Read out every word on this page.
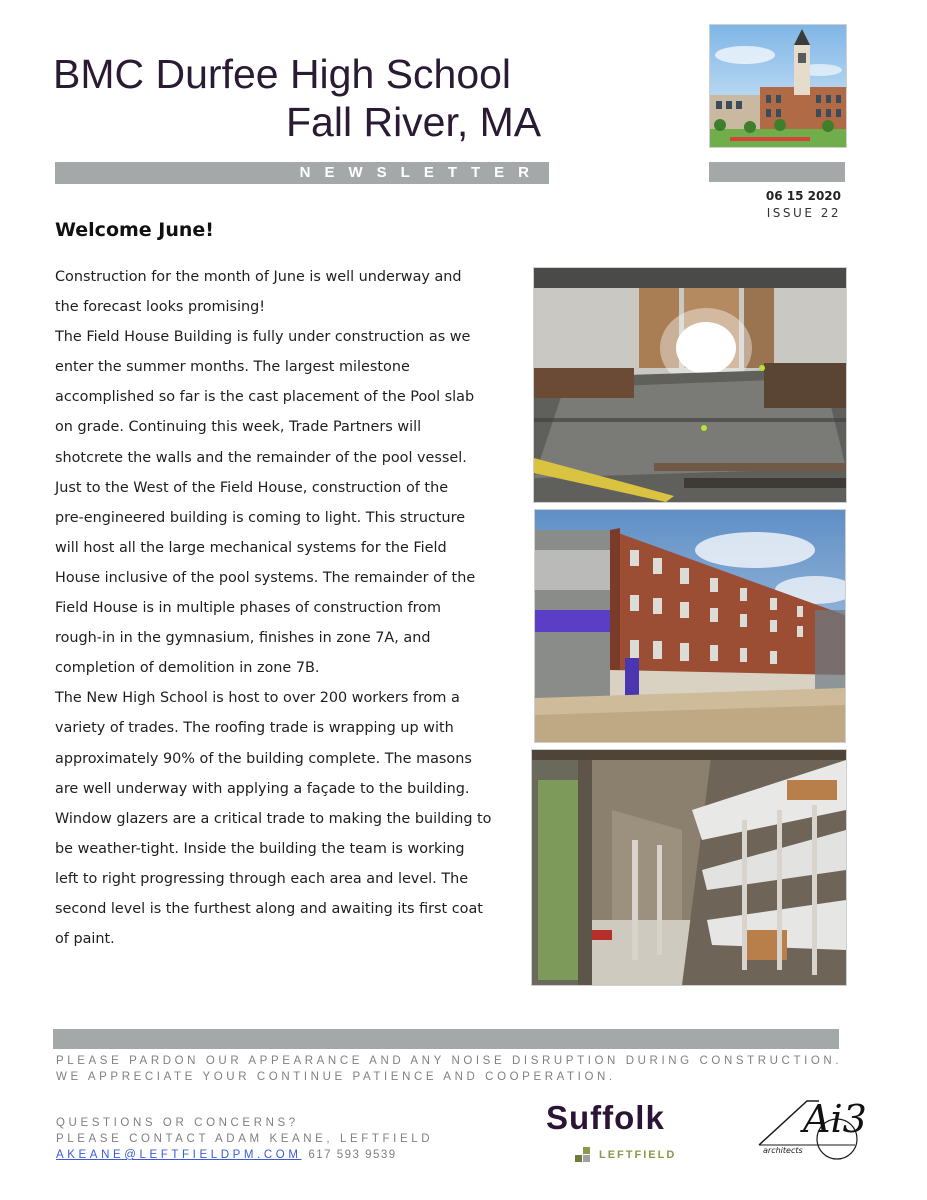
BMC Durfee High School
Fall River, MA
NEWSLETTER
06 15 2020
ISSUE 22
Welcome June!

Construction for the month of June is well underway and

the forecast looks promising!

The Field House Building is fully under construction as we

enter the summer months. The largest milestone

accomplished so far is the cast placement of the Pool slab

on grade. Continuing this week, Trade Partners will

shotcrete the walls and the remainder of the pool vessel.

Just to the West of the Field House, construction of the

pre-engineered building is coming to light. This structure

will host all the large mechanical systems for the Field

House inclusive of the pool systems. The remainder of the

Field House is in multiple phases of construction from

rough-in in the gymnasium, finishes in zone 7A, and

completion of demolition in zone 7B.

The New High School is host to over 200 workers from a

variety of trades. The roofing trade is wrapping up with

approximately 90% of the building complete. The masons

are well underway with applying a façade to the building.

Window glazers are a critical trade to making the building to

be weather-tight. Inside the building the team is working

left to right progressing through each area and level. The

second level is the furthest along and awaiting its first coat

of paint.

PLEASE PARDON OUR APPEARANCE AND ANY NOISE DISRUPTION DURING CONSTRUCTION.
WE APPRECIATE YOUR CONTINUE PATIENCE AND COOPERATION.
QUESTIONS OR CONCERNS?
PLEASE CONTACT ADAM KEANE, LEFTFIELD
AKEANE@LEFTFIELDPM.COM 617 593 9539
Suffolk
LEFTFIELD
Ai3
architects
